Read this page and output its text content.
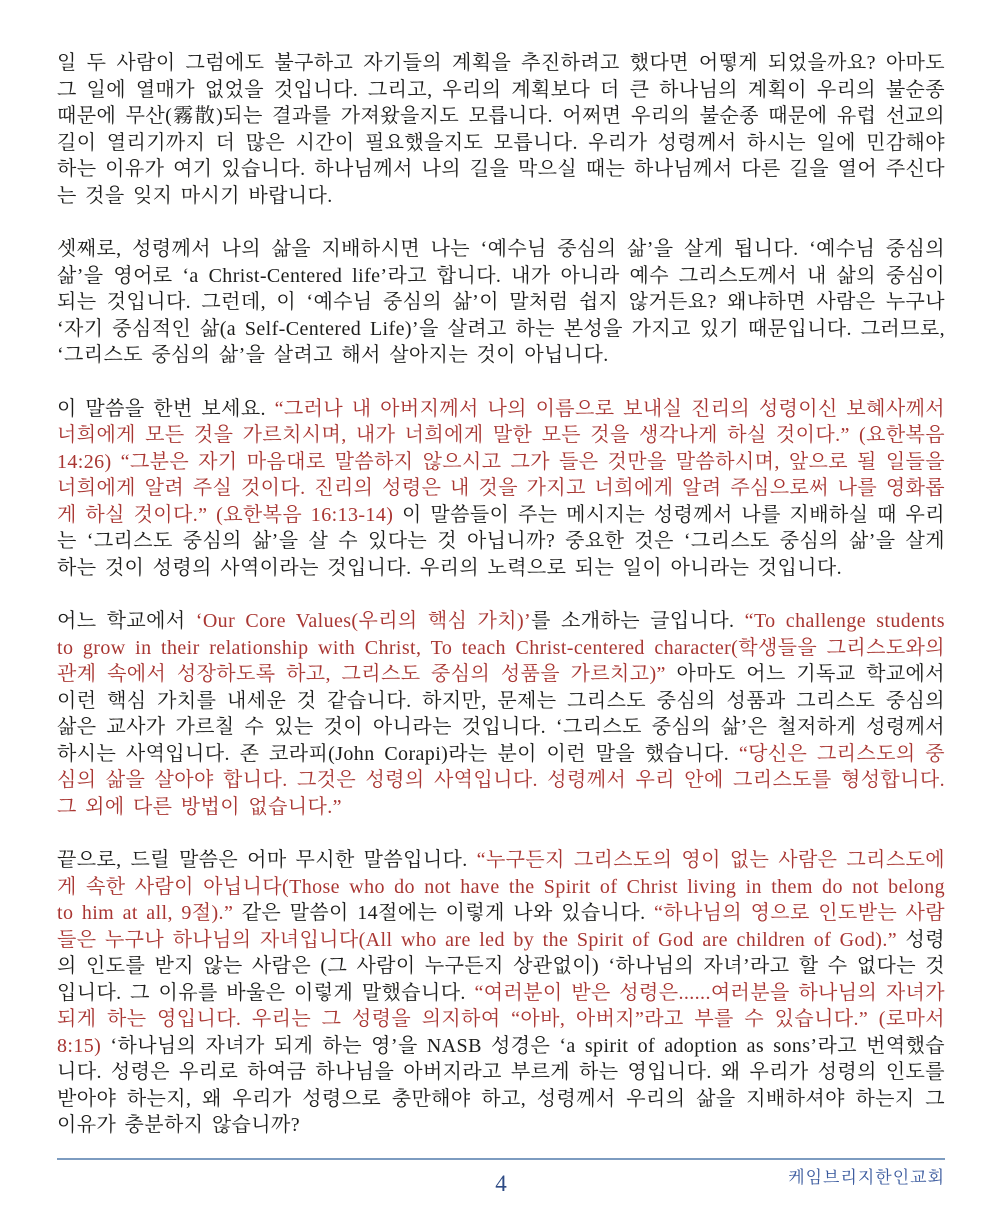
일 두 사람이 그럼에도 불구하고 자기들의 계획을 추진하려고 했다면 어떻게 되었을까요? 아마도 그 일에 열매가 없었을 것입니다. 그리고, 우리의 계획보다 더 큰 하나님의 계획이 우리의 불순종 때문에 무산(霧散)되는 결과를 가져왔을지도 모릅니다. 어쩌면 우리의 불순종 때문에 유럽 선교의 길이 열리기까지 더 많은 시간이 필요했을지도 모릅니다. 우리가 성령께서 하시는 일에 민감해야 하는 이유가 여기 있습니다. 하나님께서 나의 길을 막으실 때는 하나님께서 다른 길을 열어 주신다는 것을 잊지 마시기 바랍니다.

셋째로, 성령께서 나의 삶을 지배하시면 나는 ‘예수님 중심의 삶’을 살게 됩니다. ‘예수님 중심의 삶’을 영어로 ‘a Christ-Centered life’라고 합니다. 내가 아니라 예수 그리스도께서 내 삶의 중심이 되는 것입니다. 그런데, 이 ‘예수님 중심의 삶’이 말처럼 쉽지 않거든요? 왜냐하면 사람은 누구나 ‘자기 중심적인 삶(a Self-Centered Life)’을 살려고 하는 본성을 가지고 있기 때문입니다. 그러므로, ‘그리스도 중심의 삶’을 살려고 해서 살아지는 것이 아닙니다.

이 말씀을 한번 보세요. “그러나 내 아버지께서 나의 이름으로 보내실 진리의 성령이신 보혜사께서 너희에게 모든 것을 가르치시며, 내가 너희에게 말한 모든 것을 생각나게 하실 것이다.” (요한복음 14:26) “그분은 자기 마음대로 말씀하지 않으시고 그가 들은 것만을 말씀하시며, 앞으로 될 일들을 너희에게 알려 주실 것이다. 진리의 성령은 내 것을 가지고 너희에게 알려 주심으로써 나를 영화롭게 하실 것이다.” (요한복음 16:13-14) 이 말씀들이 주는 메시지는 성령께서 나를 지배하실 때 우리는 ‘그리스도 중심의 삶’을 살 수 있다는 것 아닙니까? 중요한 것은 ‘그리스도 중심의 삶’을 살게 하는 것이 성령의 사역이라는 것입니다. 우리의 노력으로 되는 일이 아니라는 것입니다.

어느 학교에서 ‘Our Core Values(우리의 핵심 가치)’를 소개하는 글입니다. “To challenge students to grow in their relationship with Christ, To teach Christ-centered character(학생들을 그리스도와의 관계 속에서 성장하도록 하고, 그리스도 중심의 성품을 가르치고)” 아마도 어느 기독교 학교에서 이런 핵심 가치를 내세운 것 같습니다. 하지만, 문제는 그리스도 중심의 성품과 그리스도 중심의 삶은 교사가 가르칠 수 있는 것이 아니라는 것입니다. ‘그리스도 중심의 삶’은 철저하게 성령께서 하시는 사역입니다. 존 코라피(John Corapi)라는 분이 이런 말을 했습니다. “당신은 그리스도의 중심의 삶을 살아야 합니다. 그것은 성령의 사역입니다. 성령께서 우리 안에 그리스도를 형성합니다. 그 외에 다른 방법이 없습니다.”

끝으로, 드릴 말씀은 어마 무시한 말씀입니다. “누구든지 그리스도의 영이 없는 사람은 그리스도에게 속한 사람이 아닙니다(Those who do not have the Spirit of Christ living in them do not belong to him at all, 9절).” 같은 말씀이 14절에는 이렇게 나와 있습니다. “하나님의 영으로 인도받는 사람들은 누구나 하나님의 자녀입니다(All who are led by the Spirit of God are children of God).” 성령의 인도를 받지 않는 사람은 (그 사람이 누구든지 상관없이) ‘하나님의 자녀’라고 할 수 없다는 것입니다. 그 이유를 바울은 이렇게 말했습니다. “여러분이 받은 성령은......여러분을 하나님의 자녀가 되게 하는 영입니다. 우리는 그 성령을 의지하여 “아바, 아버지”라고 부를 수 있습니다.” (로마서 8:15) ‘하나님의 자녀가 되게 하는 영’을 NASB 성경은 ‘a spirit of adoption as sons’라고 번역했습니다. 성령은 우리로 하여금 하나님을 아버지라고 부르게 하는 영입니다. 왜 우리가 성령의 인도를 받아야 하는지, 왜 우리가 성령으로 충만해야 하고, 성령께서 우리의 삶을 지배하셔야 하는지 그 이유가 충분하지 않습니까?

케임브리지한인교회
4
